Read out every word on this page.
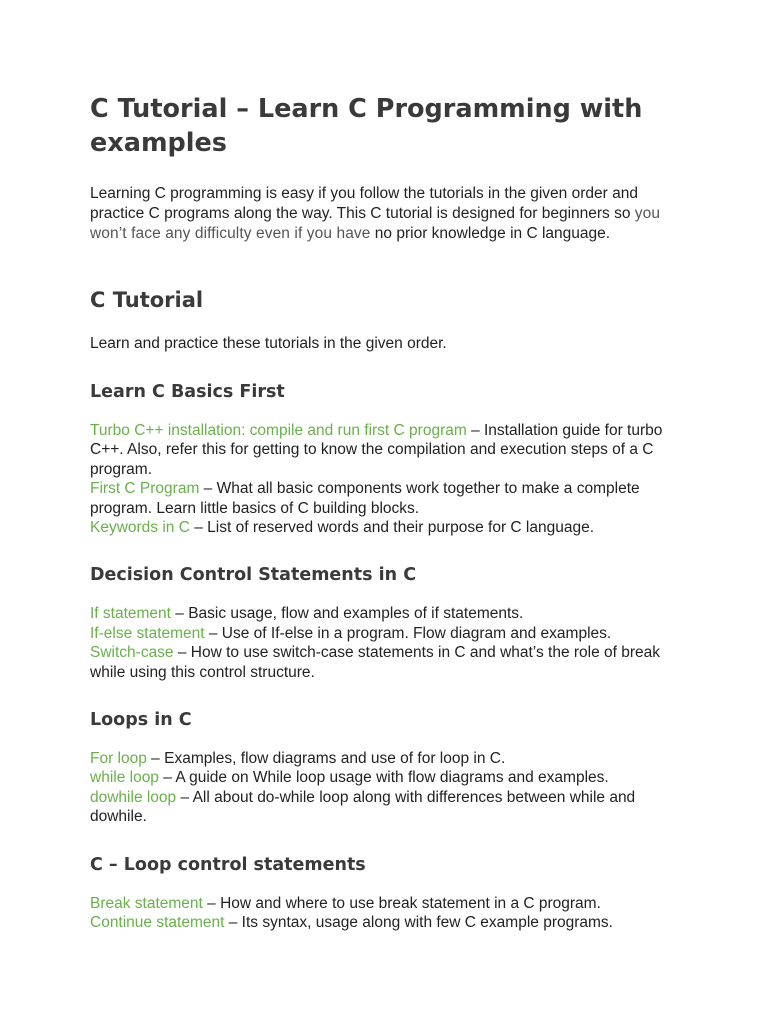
C Tutorial – Learn C Programming with examples

Learning C programming is easy if you follow the tutorials in the given order and practice C programs along the way. This C tutorial is designed for beginners so you won’t face any difficulty even if you have no prior knowledge in C language.

C Tutorial

Learn and practice these tutorials in the given order.

Learn C Basics First

Turbo C++ installation: compile and run first C program – Installation guide for turbo C++. Also, refer this for getting to know the compilation and execution steps of a C program.

First C Program – What all basic components work together to make a complete program. Learn little basics of C building blocks.

Keywords in C – List of reserved words and their purpose for C language.

Decision Control Statements in C

If statement – Basic usage, flow and examples of if statements.

If-else statement – Use of If-else in a program. Flow diagram and examples.

Switch-case – How to use switch-case statements in C and what’s the role of break while using this control structure.

Loops in C

For loop – Examples, flow diagrams and use of for loop in C.

while loop – A guide on While loop usage with flow diagrams and examples.

dowhile loop – All about do-while loop along with differences between while and dowhile.

C – Loop control statements

Break statement – How and where to use break statement in a C program.

Continue statement – Its syntax, usage along with few C example programs.
